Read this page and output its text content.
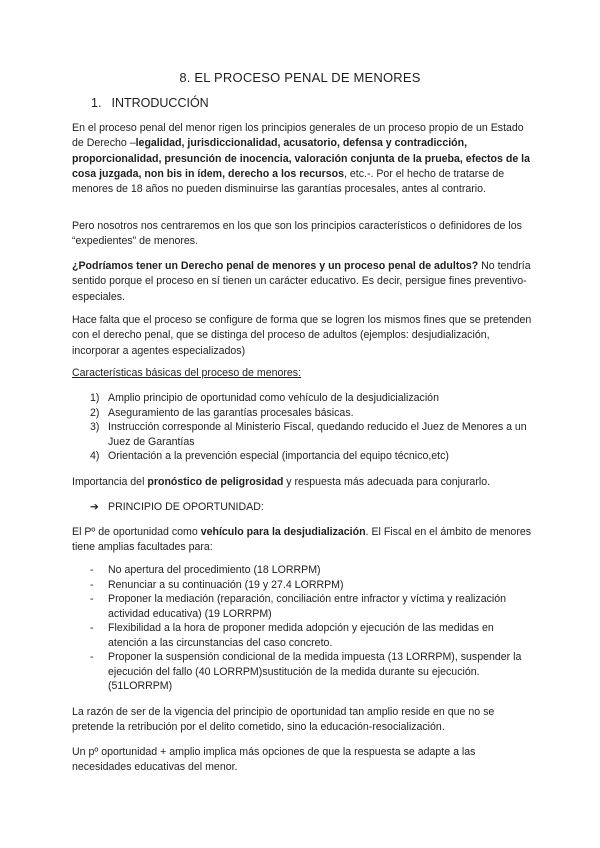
8. EL PROCESO PENAL DE MENORES
1. INTRODUCCIÓN
En el proceso penal del menor rigen los principios generales de un proceso propio de un Estado de Derecho –legalidad, jurisdiccionalidad, acusatorio, defensa y contradicción, proporcionalidad, presunción de inocencia, valoración conjunta de la prueba, efectos de la cosa juzgada, non bis in ídem, derecho a los recursos, etc.-. Por el hecho de tratarse de menores de 18 años no pueden disminuirse las garantías procesales, antes al contrario.
Pero nosotros nos centraremos en los que son los principios característicos o definidores de los “expedientes” de menores.
¿Podríamos tener un Derecho penal de menores y un proceso penal de adultos? No tendría sentido porque el proceso en sí tienen un carácter educativo. Es decir, persigue fines preventivo-especiales.
Hace falta que el proceso se configure de forma que se logren los mismos fines que se pretenden con el derecho penal, que se distinga del proceso de adultos (ejemplos: desjudialización, incorporar a agentes especializados)
Características básicas del proceso de menores:
1) Amplio principio de oportunidad como vehículo de la desjudicialización
2) Aseguramiento de las garantías procesales básicas.
3) Instrucción corresponde al Ministerio Fiscal, quedando reducido el Juez de Menores a un Juez de Garantías
4) Orientación a la prevención especial (importancia del equipo técnico,etc)
Importancia del pronóstico de peligrosidad y respuesta más adecuada para conjurarlo.
➔ PRINCIPIO DE OPORTUNIDAD:
El Pº de oportunidad como vehículo para la desjudialización. El Fiscal en el ámbito de menores tiene amplias facultades para:
- No apertura del procedimiento (18 LORRPM)
- Renunciar a su continuación (19 y 27.4 LORRPM)
- Proponer la mediación (reparación, conciliación entre infractor y víctima y realización actividad educativa) (19 LORRPM)
- Flexibilidad a la hora de proponer medida adopción y ejecución de las medidas en atención a las circunstancias del caso concreto.
- Proponer la suspensión condicional de la medida impuesta (13 LORRPM), suspender la ejecución del fallo (40 LORRPM)sustitución de la medida durante su ejecución. (51LORRPM)
La razón de ser de la vigencia del principio de oportunidad tan amplio reside en que no se pretende la retribución por el delito cometido, sino la educación-resocialización.
Un pº oportunidad + amplio implica más opciones de que la respuesta se adapte a las necesidades educativas del menor.
